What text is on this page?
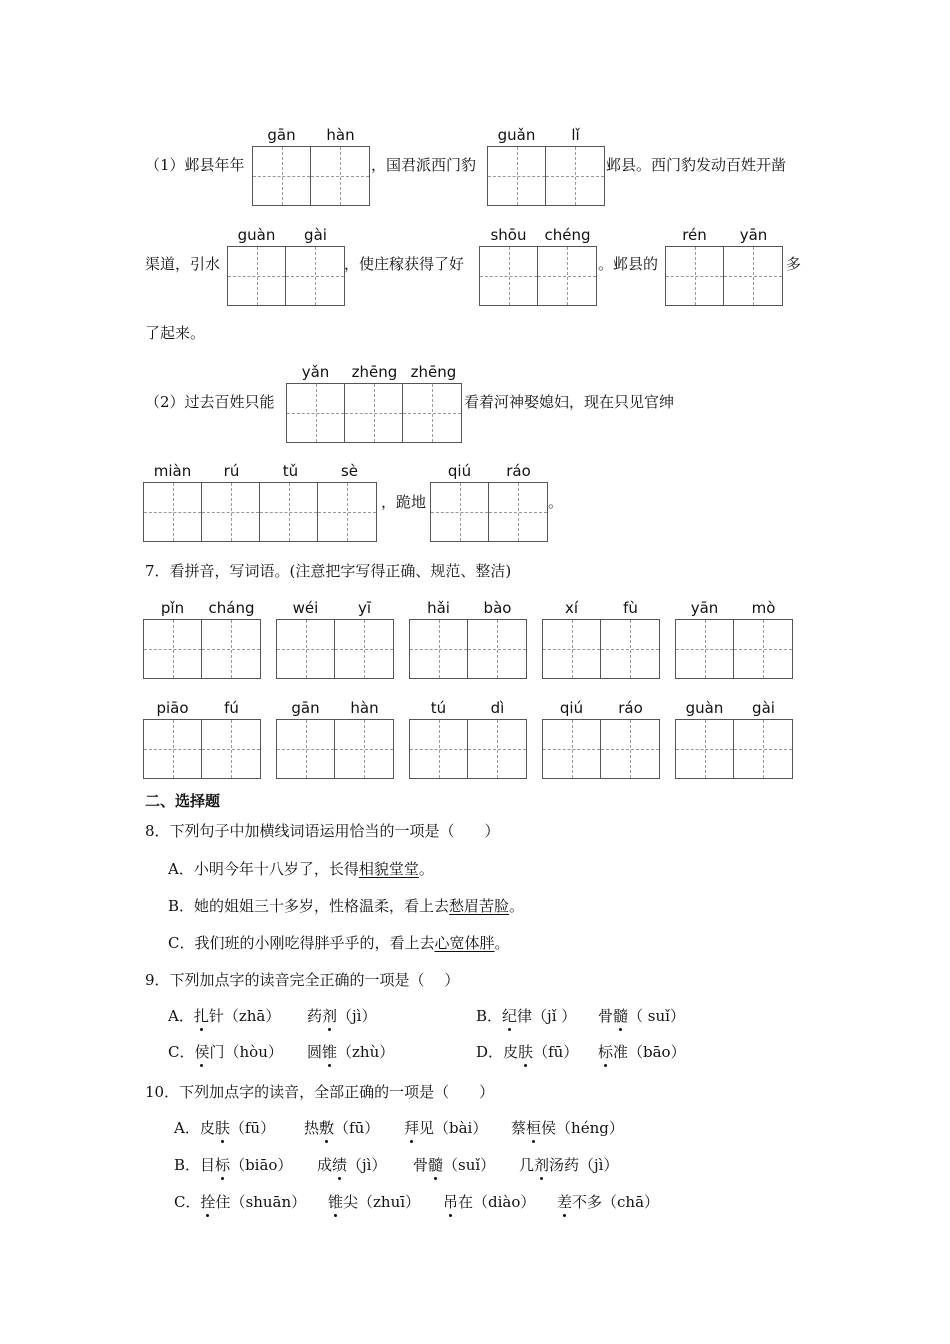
（1）邺县年年
gān	hàn
，国君派西门豹
guǎn	lǐ
邺县。西门豹发动百姓开凿
渠道，引水
guàn	gài
，使庄稼获得了好
shōu	chéng
。邺县的
rén	yān
多
了起来。
（2）过去百姓只能
yǎn	zhēng zhēng
看着河神娶媳妇，现在只见官绅
miàn	rú	tǔ	sè
，跪地
qiú	ráo
。
7．看拼音，写词语。(注意把字写得正确、规范、整洁)
pǐn	cháng	wéi	yī	hǎi	bào	xí	fù	yān	mò
piāo	fú	gān	hàn	tú	dì	qiú	ráo	guàn	gài
二、选择题
8．下列句子中加横线词语运用恰当的一项是（　　）
A．小明今年十八岁了，长得相貌堂堂。
B．她的姐姐三十多岁，性格温柔，看上去愁眉苦脸。
C．我们班的小刚吃得胖乎乎的，看上去心宽体胖。
9．下列加点字的读音完全正确的一项是（　 ）
A．扎针（zhā） 药剂（jì）	B．纪律（jǐ ） 骨髓（ suǐ）
C．侯门（hòu） 圆锥（zhù）	D．皮肤（fū） 标准（bāo）
10．下列加点字的读音，全部正确的一项是（　　）
A．皮肤（fū） 热敷（fū） 拜见（bài） 蔡桓侯（héng）
B．目标（biāo） 成绩（jì） 骨髓（suǐ） 几剂汤药（jì）
C．拴住（shuān） 锥尖（zhuī） 吊在（diào） 差不多（chā）
